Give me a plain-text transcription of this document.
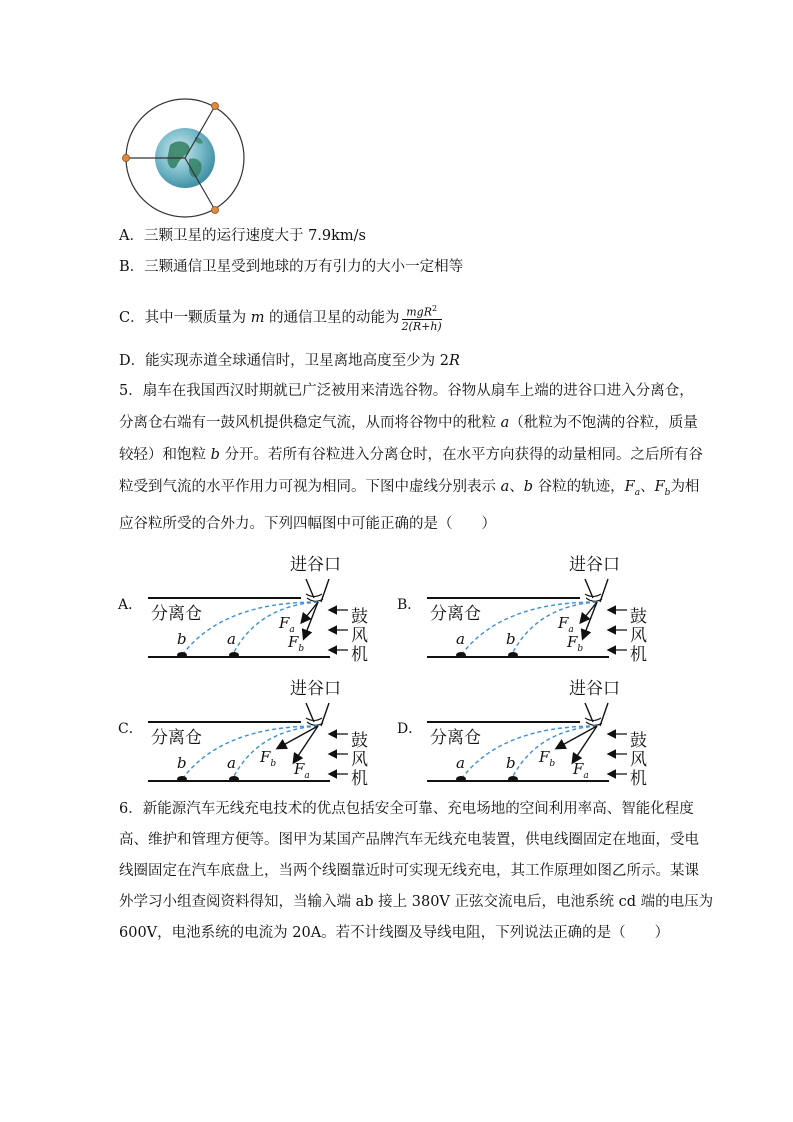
A．三颗卫星的运行速度大于 7.9km/s
B．三颗通信卫星受到地球的万有引力的大小一定相等
C．其中一颗质量为 m 的通信卫星的动能为 $\frac{mgR^2}{2(R+h)}$
D．能实现赤道全球通信时，卫星离地高度至少为 2R
5．扇车在我国西汉时期就已广泛被用来清选谷物。谷物从扇车上端的进谷口进入分离仓，
分离仓右端有一鼓风机提供稳定气流，从而将谷物中的秕粒 a（秕粒为不饱满的谷粒，质量
较轻）和饱粒 b 分开。若所有谷粒进入分离仓时，在水平方向获得的动量相同。之后所有谷
粒受到气流的水平作用力可视为相同。下图中虚线分别表示 a、b 谷粒的轨迹，$F_a$、$F_b$为相
应谷粒所受的合外力。下列四幅图中可能正确的是（　　）
A．
进谷口
分离仓	鼓
风
机
b	a
$F_a$
$F_b$
B．
进谷口
分离仓	鼓
风
机
a	b
$F_a$
$F_b$
C．
进谷口
分离仓	鼓
风
机
b	a $F_b$ $F_a$
D．
进谷口
分离仓	鼓
风
机
a	b $F_b$ $F_a$
6．新能源汽车无线充电技术的优点包括安全可靠、充电场地的空间利用率高、智能化程度
高、维护和管理方便等。图甲为某国产品牌汽车无线充电装置，供电线圈固定在地面，受电
线圈固定在汽车底盘上，当两个线圈靠近时可实现无线充电，其工作原理如图乙所示。某课
外学习小组查阅资料得知，当输入端 ab 接上 380V 正弦交流电后，电池系统 cd 端的电压为
600V，电池系统的电流为 20A。若不计线圈及导线电阻，下列说法正确的是（　　）
